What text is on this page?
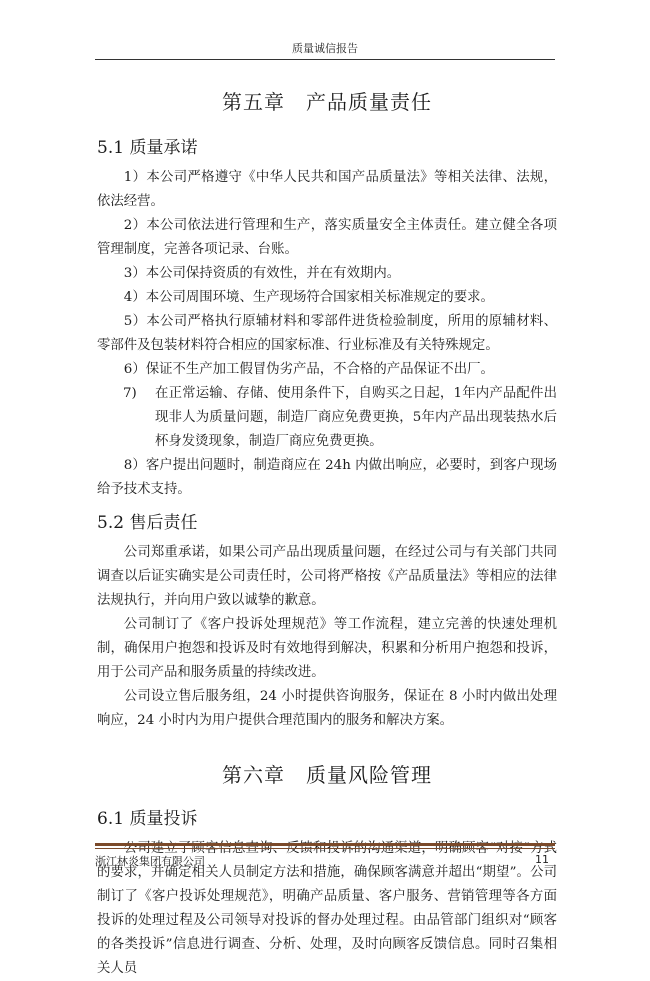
质量诚信报告
第五章　产品质量责任
5.1 质量承诺

1）本公司严格遵守《中华人民共和国产品质量法》等相关法律、法规，依法经营。

2）本公司依法进行管理和生产，落实质量安全主体责任。建立健全各项管理制度，完善各项记录、台账。

3）本公司保持资质的有效性，并在有效期内。

4）本公司周围环境、生产现场符合国家相关标准规定的要求。

5）本公司严格执行原辅材料和零部件进货检验制度，所用的原辅材料、零部件及包装材料符合相应的国家标准、行业标准及有关特殊规定。

6）保证不生产加工假冒伪劣产品，不合格的产品保证不出厂。

7) 在正常运输、存储、使用条件下，自购买之日起，1年内产品配件出现非人为质量问题，制造厂商应免费更换，5年内产品出现装热水后杯身发烫现象，制造厂商应免费更换。

8）客户提出问题时，制造商应在 24h 内做出响应，必要时，到客户现场给予技术支持。

5.2 售后责任

公司郑重承诺，如果公司产品出现质量问题，在经过公司与有关部门共同调查以后证实确实是公司责任时，公司将严格按《产品质量法》等相应的法律法规执行，并向用户致以诚挚的歉意。

公司制订了《客户投诉处理规范》等工作流程，建立完善的快速处理机制，确保用户抱怨和投诉及时有效地得到解决，积累和分析用户抱怨和投诉，用于公司产品和服务质量的持续改进。

公司设立售后服务组，24 小时提供咨询服务，保证在 8 小时内做出处理响应，24 小时内为用户提供合理范围内的服务和解决方案。

第六章　质量风险管理
6.1 质量投诉

公司建立了顾客信息查询、反馈和投诉的沟通渠道，明确顾客“对接”方式的要求，并确定相关人员制定方法和措施，确保顾客满意并超出“期望”。公司制订了《客户投诉处理规范》，明确产品质量、客户服务、营销管理等各方面投诉的处理过程及公司领导对投诉的督办处理过程。由品管部门组织对“顾客的各类投诉”信息进行调查、分析、处理，及时向顾客反馈信息。同时召集相关人员

浙江林炎集团有限公司	11
